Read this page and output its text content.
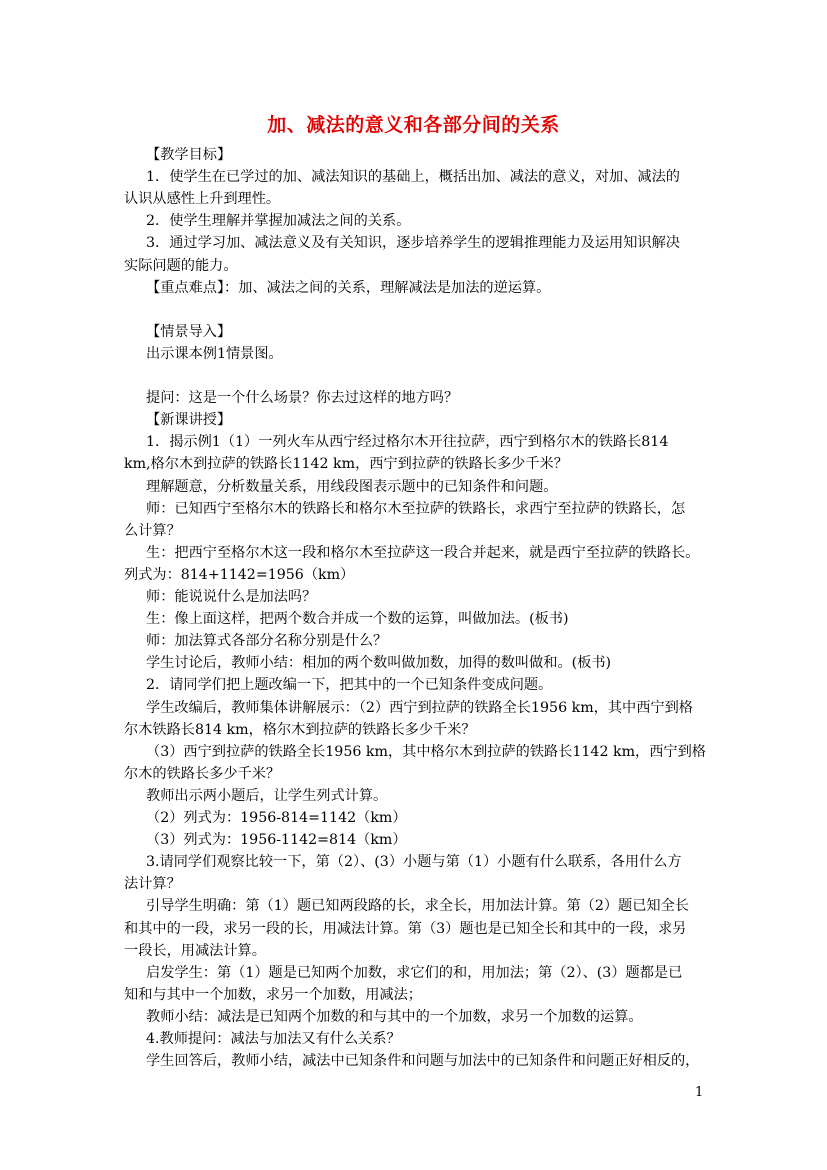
加、减法的意义和各部分间的关系
【教学目标】
1．使学生在已学过的加、减法知识的基础上，概括出加、减法的意义，对加、减法的
认识从感性上升到理性。
2．使学生理解并掌握加减法之间的关系。
3．通过学习加、减法意义及有关知识，逐步培养学生的逻辑推理能力及运用知识解决
实际问题的能力。
【重点难点】：加、减法之间的关系，理解减法是加法的逆运算。
【情景导入】
出示课本例1情景图。
提问：这是一个什么场景？你去过这样的地方吗？
【新课讲授】
1．揭示例1（1）一列火车从西宁经过格尔木开往拉萨，西宁到格尔木的铁路长814
km,格尔木到拉萨的铁路长1142 km，西宁到拉萨的铁路长多少千米？
理解题意，分析数量关系，用线段图表示题中的已知条件和问题。
师：已知西宁至格尔木的铁路长和格尔木至拉萨的铁路长，求西宁至拉萨的铁路长，怎
么计算？
生：把西宁至格尔木这一段和格尔木至拉萨这一段合并起来，就是西宁至拉萨的铁路长。
列式为：814+1142=1956（km）
师：能说说什么是加法吗？
生：像上面这样，把两个数合并成一个数的运算，叫做加法。(板书)
师：加法算式各部分名称分别是什么？
学生讨论后，教师小结：相加的两个数叫做加数，加得的数叫做和。(板书)
2．请同学们把上题改编一下，把其中的一个已知条件变成问题。
学生改编后，教师集体讲解展示：（2）西宁到拉萨的铁路全长1956 km，其中西宁到格
尔木铁路长814 km，格尔木到拉萨的铁路长多少千米？
（3）西宁到拉萨的铁路全长1956 km，其中格尔木到拉萨的铁路长1142 km，西宁到格
尔木的铁路长多少千米？
教师出示两小题后，让学生列式计算。
（2）列式为：1956-814=1142（km）
（3）列式为：1956-1142=814（km）
3.请同学们观察比较一下，第（2）、(3）小题与第（1）小题有什么联系，各用什么方
法计算？
引导学生明确：第（1）题已知两段路的长，求全长，用加法计算。第（2）题已知全长
和其中的一段，求另一段的长，用减法计算。第（3）题也是已知全长和其中的一段，求另
一段长，用减法计算。
启发学生：第（1）题是已知两个加数，求它们的和，用加法；第（2）、(3）题都是已
知和与其中一个加数，求另一个加数，用减法；
教师小结：减法是已知两个加数的和与其中的一个加数，求另一个加数的运算。
4.教师提问：减法与加法又有什么关系？
学生回答后，教师小结，减法中已知条件和问题与加法中的已知条件和问题正好相反的，
1
